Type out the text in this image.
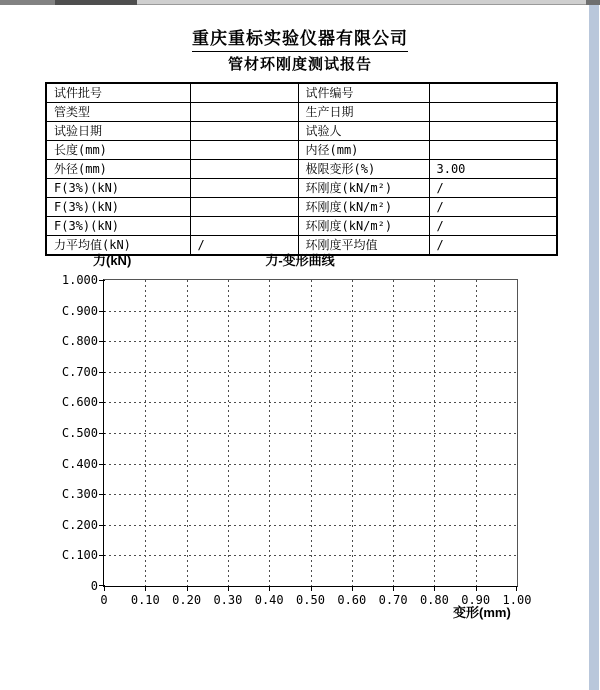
重庆重标实验仪器有限公司
管材环刚度测试报告
试件批号		试件编号	
管类型		生产日期	
试验日期		试验人	
长度(mm)		内径(mm)	
外径(mm)		极限变形(%)	3.00
F(3%)(kN)		环刚度(kN/m²)	/
F(3%)(kN)		环刚度(kN/m²)	/
F(3%)(kN)		环刚度(kN/m²)	/
力平均值(kN)	/	环刚度平均值	/
力(kN)	力-变形曲线
0	0.10	0.20	0.30	0.40	0.50	0.60	0.70	0.80	0.90	1.00
1.000
C.900
C.800
C.700
C.600
C.500
C.400
C.300
C.200
C.100
0
变形(mm)
